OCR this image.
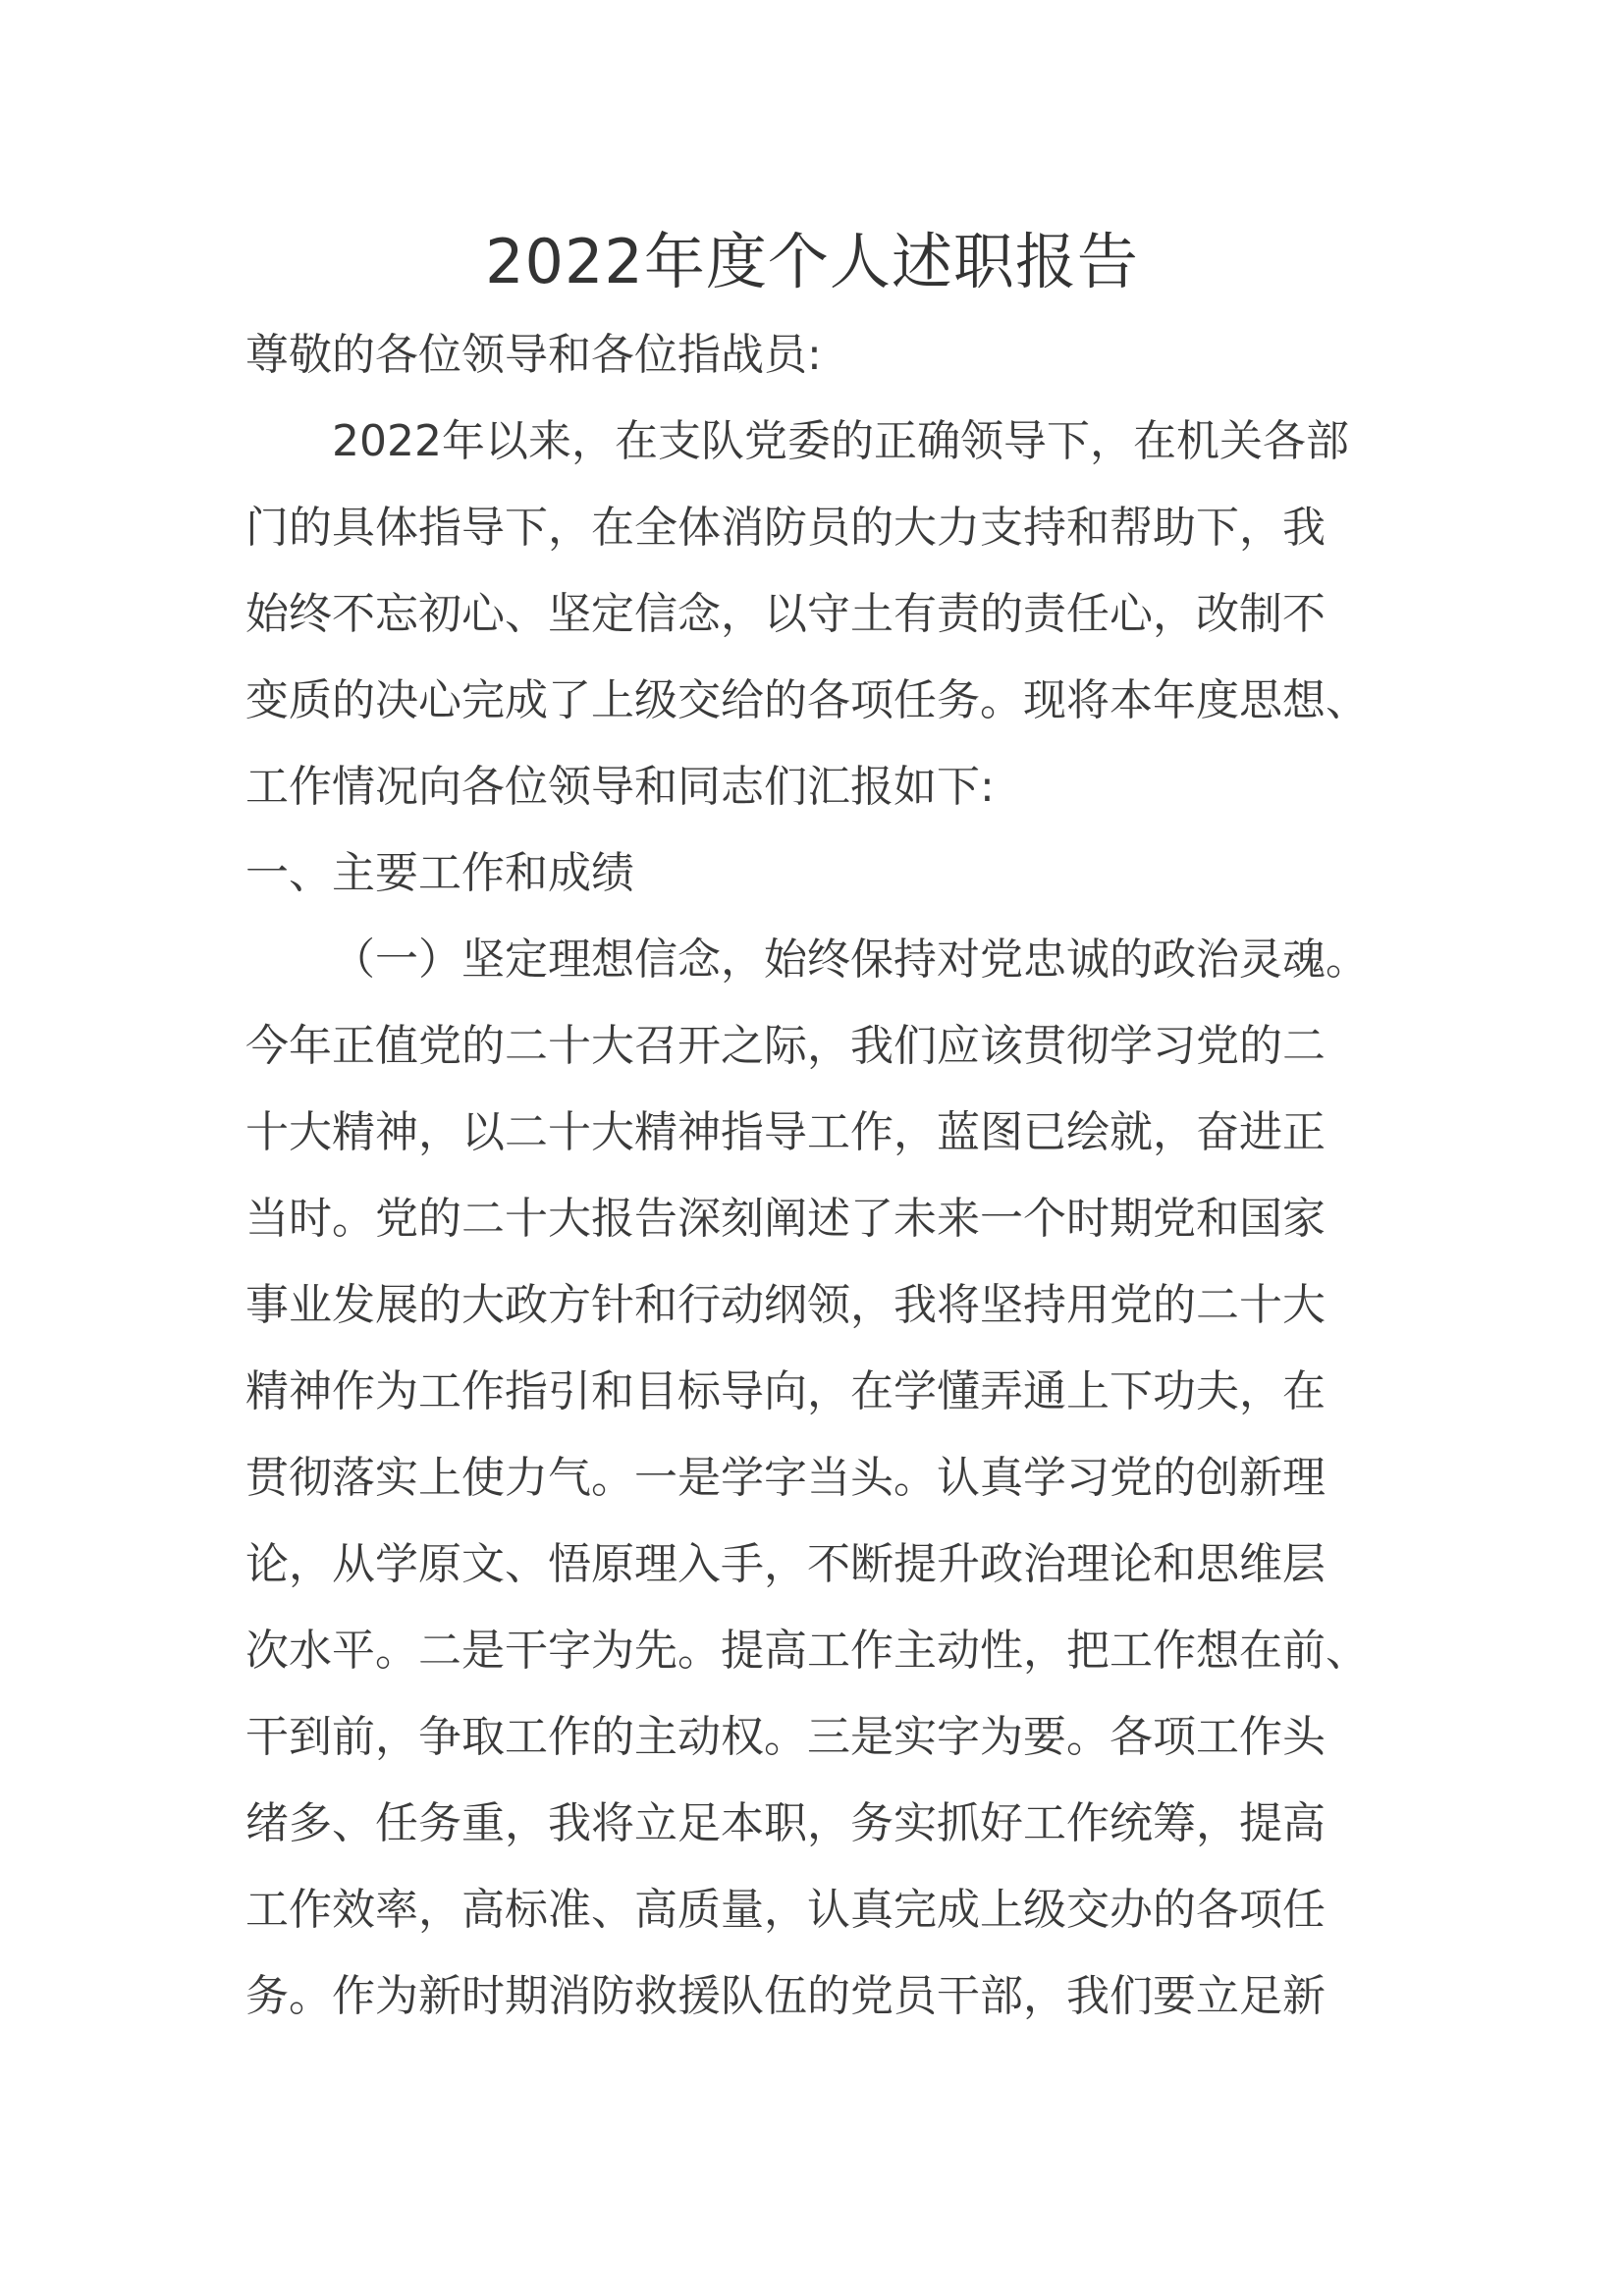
2022年度个人述职报告
尊敬的各位领导和各位指战员:
2022年以来，在支队党委的正确领导下，在机关各部
门的具体指导下，在全体消防员的大力支持和帮助下，我
始终不忘初心、坚定信念，以守土有责的责任心，改制不
变质的决心完成了上级交给的各项任务。现将本年度思想、
工作情况向各位领导和同志们汇报如下:
一、主要工作和成绩
（一）坚定理想信念，始终保持对党忠诚的政治灵魂。
今年正值党的二十大召开之际，我们应该贯彻学习党的二
十大精神，以二十大精神指导工作，蓝图已绘就，奋进正
当时。党的二十大报告深刻阐述了未来一个时期党和国家
事业发展的大政方针和行动纲领，我将坚持用党的二十大
精神作为工作指引和目标导向，在学懂弄通上下功夫，在
贯彻落实上使力气。一是学字当头。认真学习党的创新理
论，从学原文、悟原理入手，不断提升政治理论和思维层
次水平。二是干字为先。提高工作主动性，把工作想在前、
干到前，争取工作的主动权。三是实字为要。各项工作头
绪多、任务重，我将立足本职，务实抓好工作统筹，提高
工作效率，高标准、高质量，认真完成上级交办的各项任
务。作为新时期消防救援队伍的党员干部，我们要立足新
